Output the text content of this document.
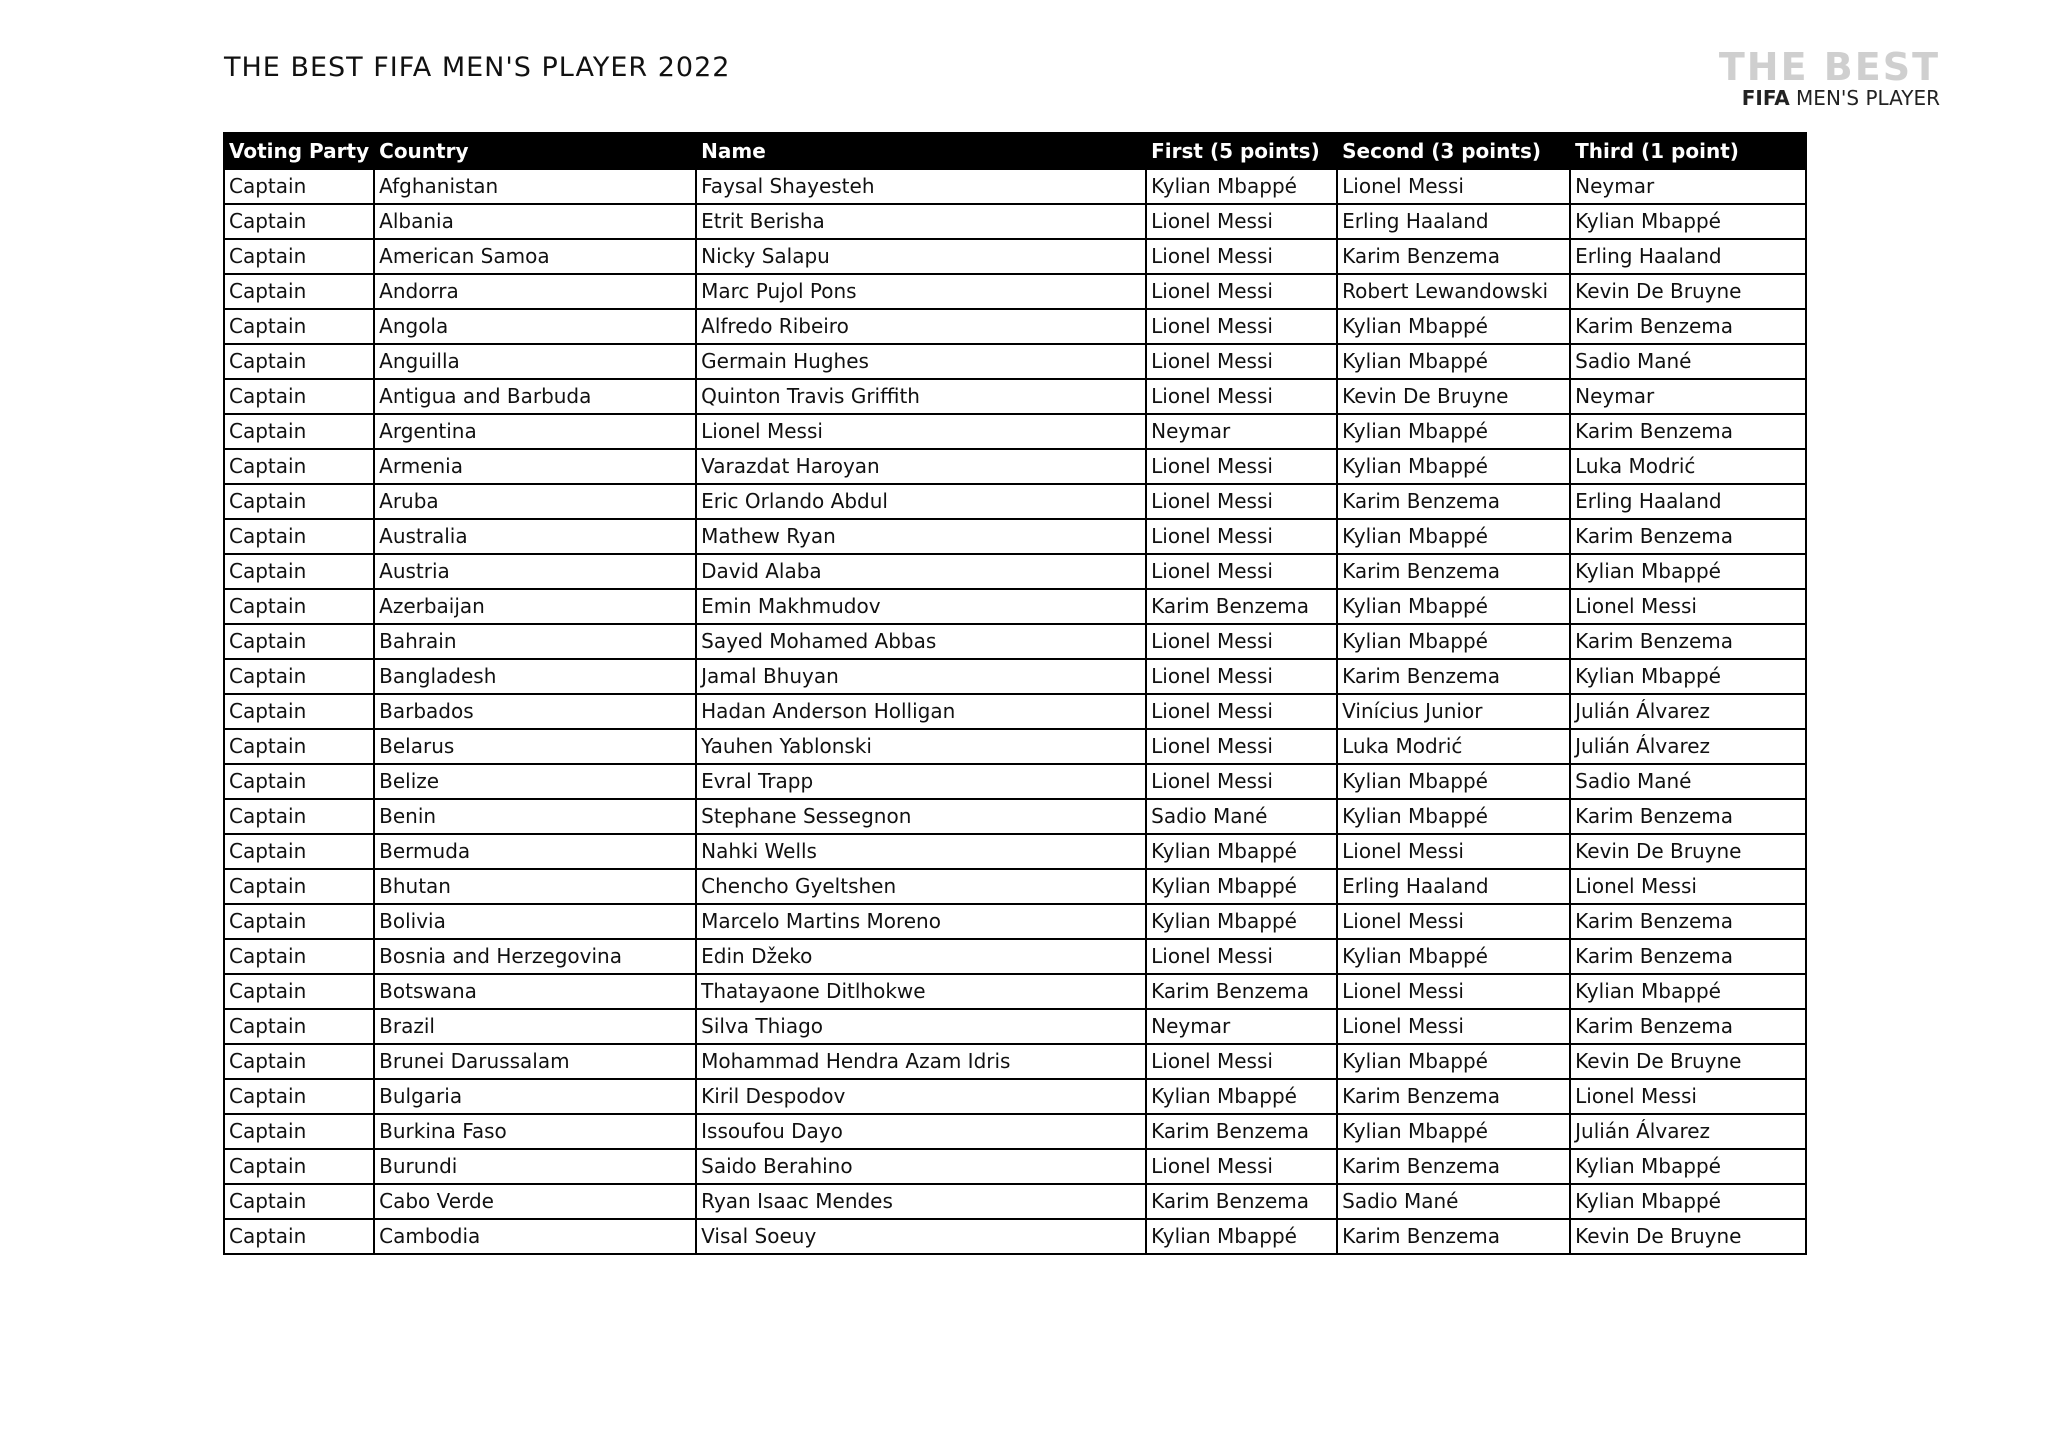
THE BEST FIFA MEN'S PLAYER 2022	THE BEST
FIFA MEN'S PLAYER
Voting Party	Country	Name	First (5 points)	Second (3 points)	Third (1 point)
Captain	Afghanistan	Faysal Shayesteh	Kylian Mbappé	Lionel Messi	Neymar
Captain	Albania	Etrit Berisha	Lionel Messi	Erling Haaland	Kylian Mbappé
Captain	American Samoa	Nicky Salapu	Lionel Messi	Karim Benzema	Erling Haaland
Captain	Andorra	Marc Pujol Pons	Lionel Messi	Robert Lewandowski	Kevin De Bruyne
Captain	Angola	Alfredo Ribeiro	Lionel Messi	Kylian Mbappé	Karim Benzema
Captain	Anguilla	Germain Hughes	Lionel Messi	Kylian Mbappé	Sadio Mané
Captain	Antigua and Barbuda	Quinton Travis Griffith	Lionel Messi	Kevin De Bruyne	Neymar
Captain	Argentina	Lionel Messi	Neymar	Kylian Mbappé	Karim Benzema
Captain	Armenia	Varazdat Haroyan	Lionel Messi	Kylian Mbappé	Luka Modrić
Captain	Aruba	Eric Orlando Abdul	Lionel Messi	Karim Benzema	Erling Haaland
Captain	Australia	Mathew Ryan	Lionel Messi	Kylian Mbappé	Karim Benzema
Captain	Austria	David Alaba	Lionel Messi	Karim Benzema	Kylian Mbappé
Captain	Azerbaijan	Emin Makhmudov	Karim Benzema	Kylian Mbappé	Lionel Messi
Captain	Bahrain	Sayed Mohamed Abbas	Lionel Messi	Kylian Mbappé	Karim Benzema
Captain	Bangladesh	Jamal Bhuyan	Lionel Messi	Karim Benzema	Kylian Mbappé
Captain	Barbados	Hadan Anderson Holligan	Lionel Messi	Vinícius Junior	Julián Álvarez
Captain	Belarus	Yauhen Yablonski	Lionel Messi	Luka Modrić	Julián Álvarez
Captain	Belize	Evral Trapp	Lionel Messi	Kylian Mbappé	Sadio Mané
Captain	Benin	Stephane Sessegnon	Sadio Mané	Kylian Mbappé	Karim Benzema
Captain	Bermuda	Nahki Wells	Kylian Mbappé	Lionel Messi	Kevin De Bruyne
Captain	Bhutan	Chencho Gyeltshen	Kylian Mbappé	Erling Haaland	Lionel Messi
Captain	Bolivia	Marcelo Martins Moreno	Kylian Mbappé	Lionel Messi	Karim Benzema
Captain	Bosnia and Herzegovina	Edin Džeko	Lionel Messi	Kylian Mbappé	Karim Benzema
Captain	Botswana	Thatayaone Ditlhokwe	Karim Benzema	Lionel Messi	Kylian Mbappé
Captain	Brazil	Silva Thiago	Neymar	Lionel Messi	Karim Benzema
Captain	Brunei Darussalam	Mohammad Hendra Azam Idris	Lionel Messi	Kylian Mbappé	Kevin De Bruyne
Captain	Bulgaria	Kiril Despodov	Kylian Mbappé	Karim Benzema	Lionel Messi
Captain	Burkina Faso	Issoufou Dayo	Karim Benzema	Kylian Mbappé	Julián Álvarez
Captain	Burundi	Saido Berahino	Lionel Messi	Karim Benzema	Kylian Mbappé
Captain	Cabo Verde	Ryan Isaac Mendes	Karim Benzema	Sadio Mané	Kylian Mbappé
Captain	Cambodia	Visal Soeuy	Kylian Mbappé	Karim Benzema	Kevin De Bruyne
